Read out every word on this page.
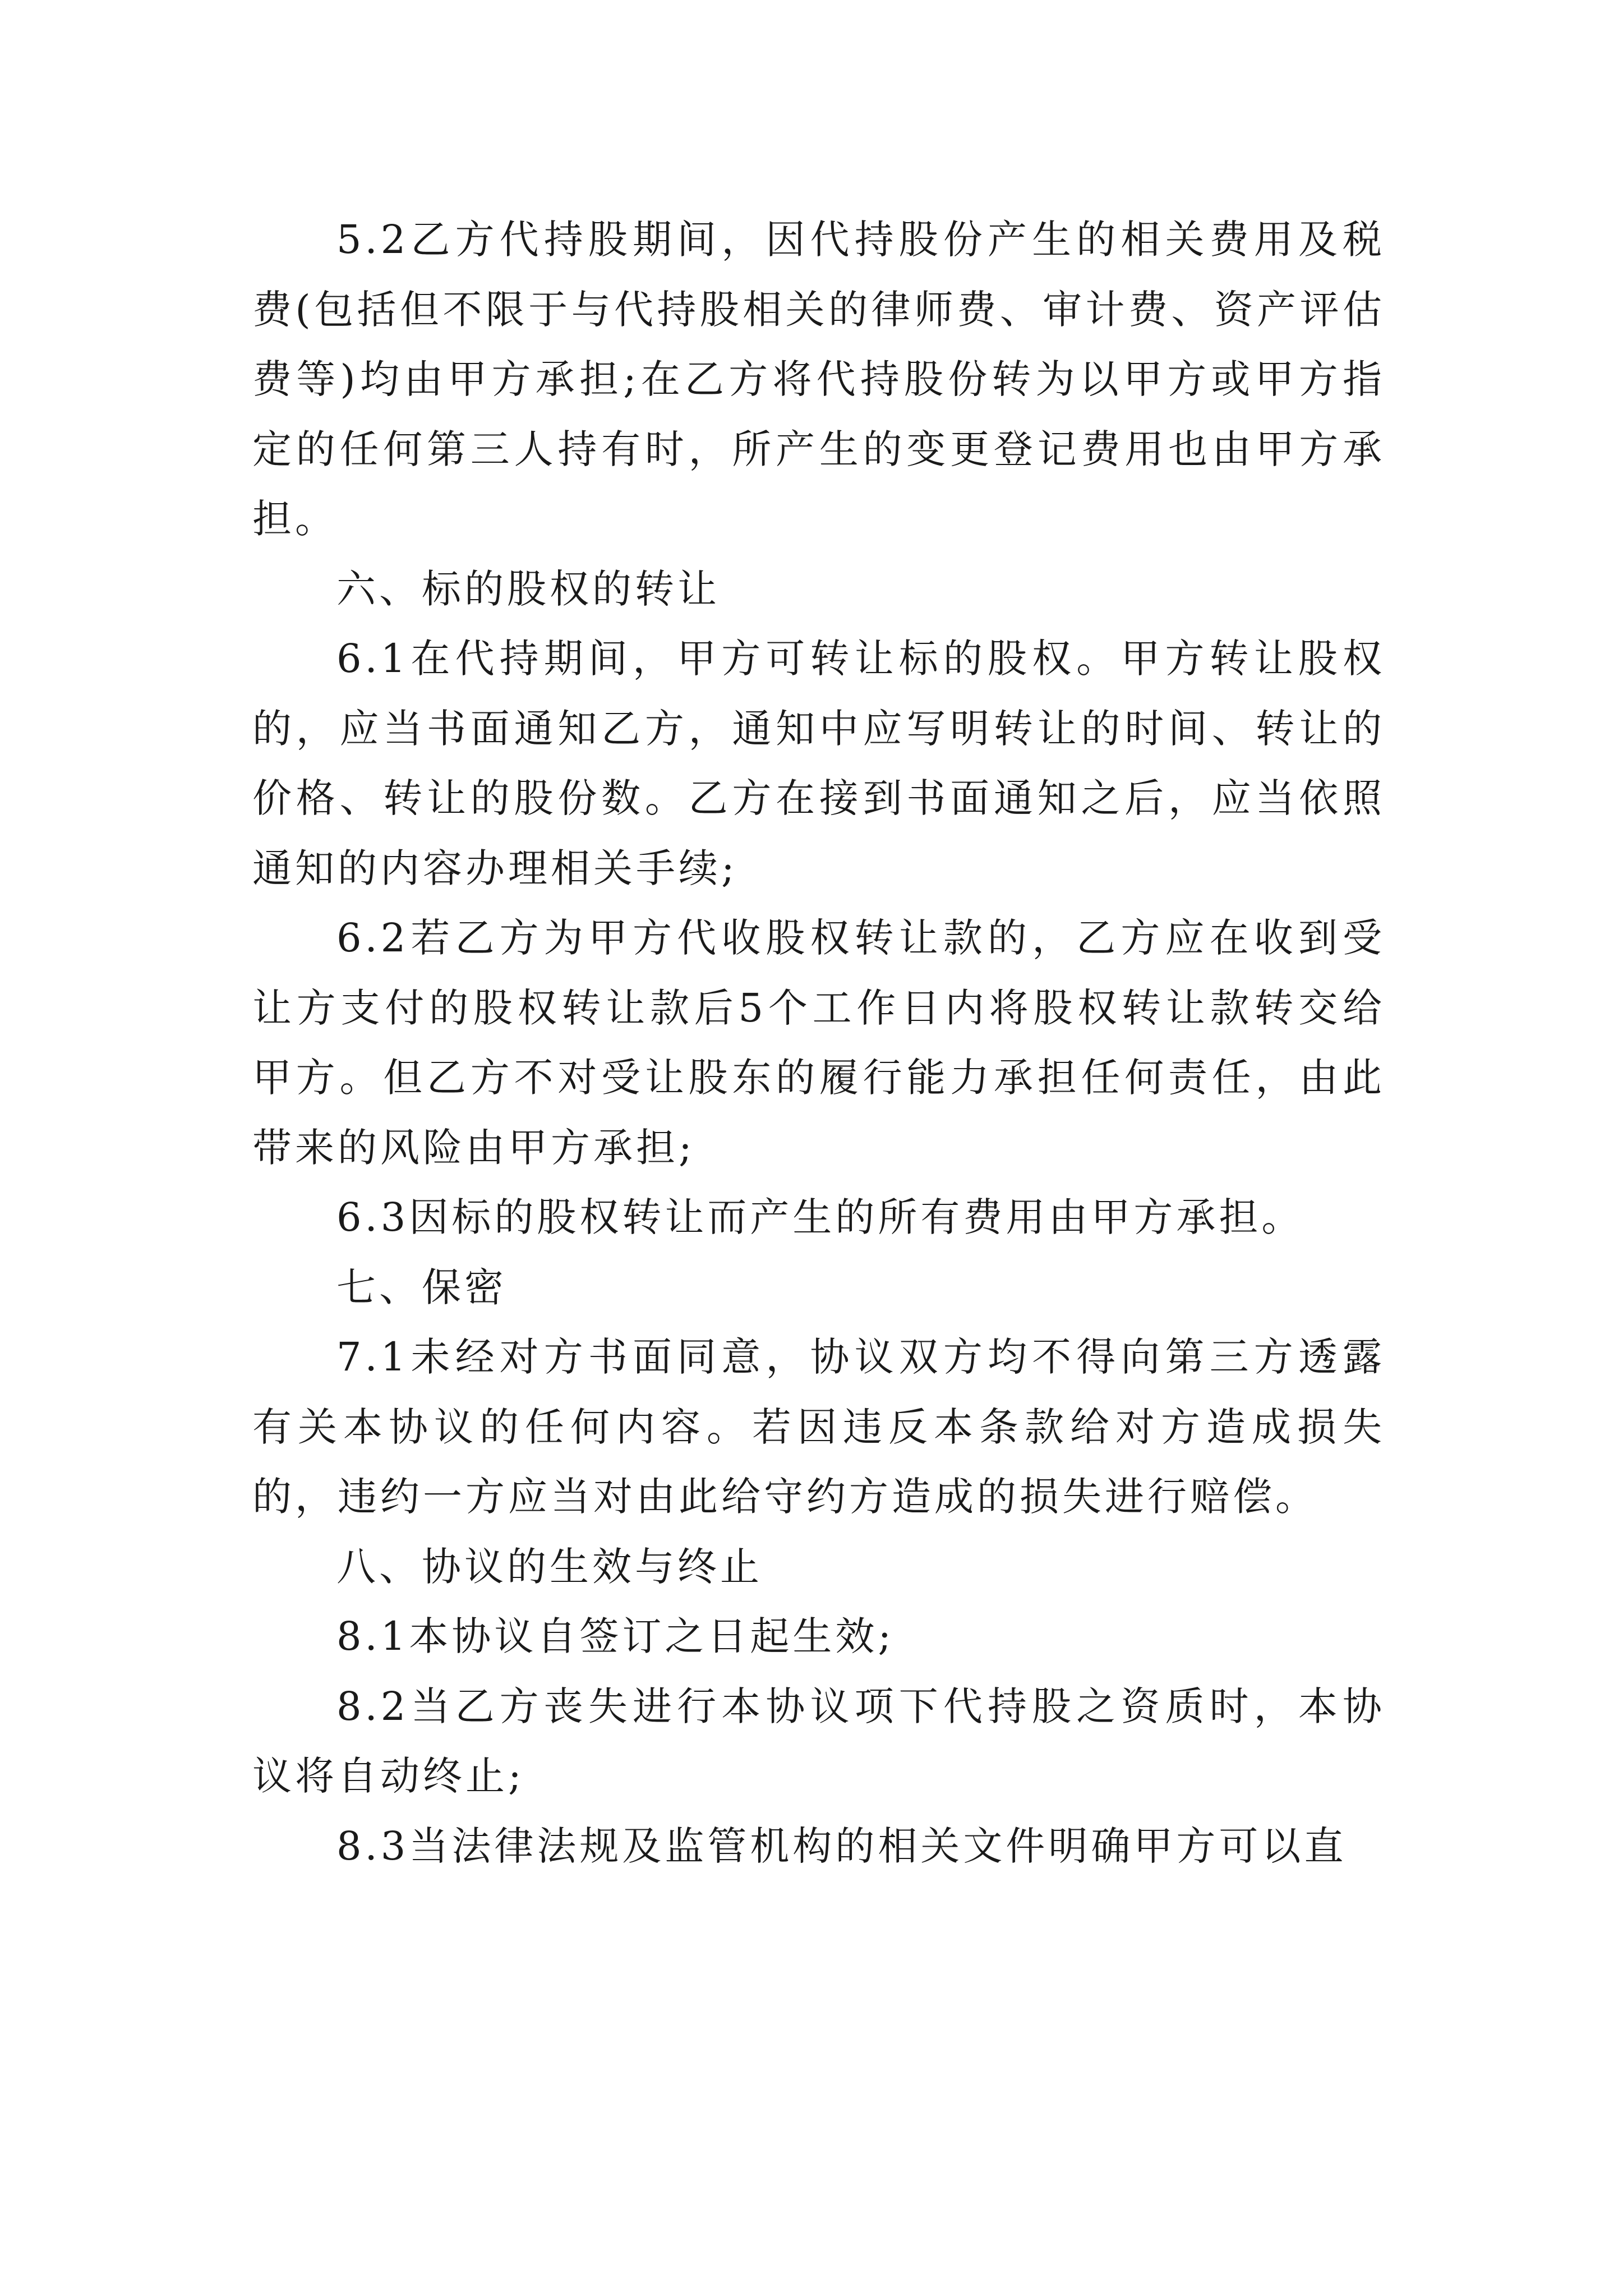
5.2乙方代持股期间，因代持股份产生的相关费用及税费(包括但不限于与代持股相关的律师费、审计费、资产评估费等)均由甲方承担;在乙方将代持股份转为以甲方或甲方指定的任何第三人持有时，所产生的变更登记费用也由甲方承担。

六、标的股权的转让

6.1在代持期间，甲方可转让标的股权。甲方转让股权的，应当书面通知乙方，通知中应写明转让的时间、转让的价格、转让的股份数。乙方在接到书面通知之后，应当依照通知的内容办理相关手续;

6.2若乙方为甲方代收股权转让款的，乙方应在收到受让方支付的股权转让款后5个工作日内将股权转让款转交给甲方。但乙方不对受让股东的履行能力承担任何责任，由此带来的风险由甲方承担;

6.3因标的股权转让而产生的所有费用由甲方承担。

七、保密

7.1未经对方书面同意，协议双方均不得向第三方透露有关本协议的任何内容。若因违反本条款给对方造成损失的，违约一方应当对由此给守约方造成的损失进行赔偿。

八、协议的生效与终止

8.1本协议自签订之日起生效;

8.2当乙方丧失进行本协议项下代持股之资质时，本协议将自动终止;

8.3当法律法规及监管机构的相关文件明确甲方可以直
